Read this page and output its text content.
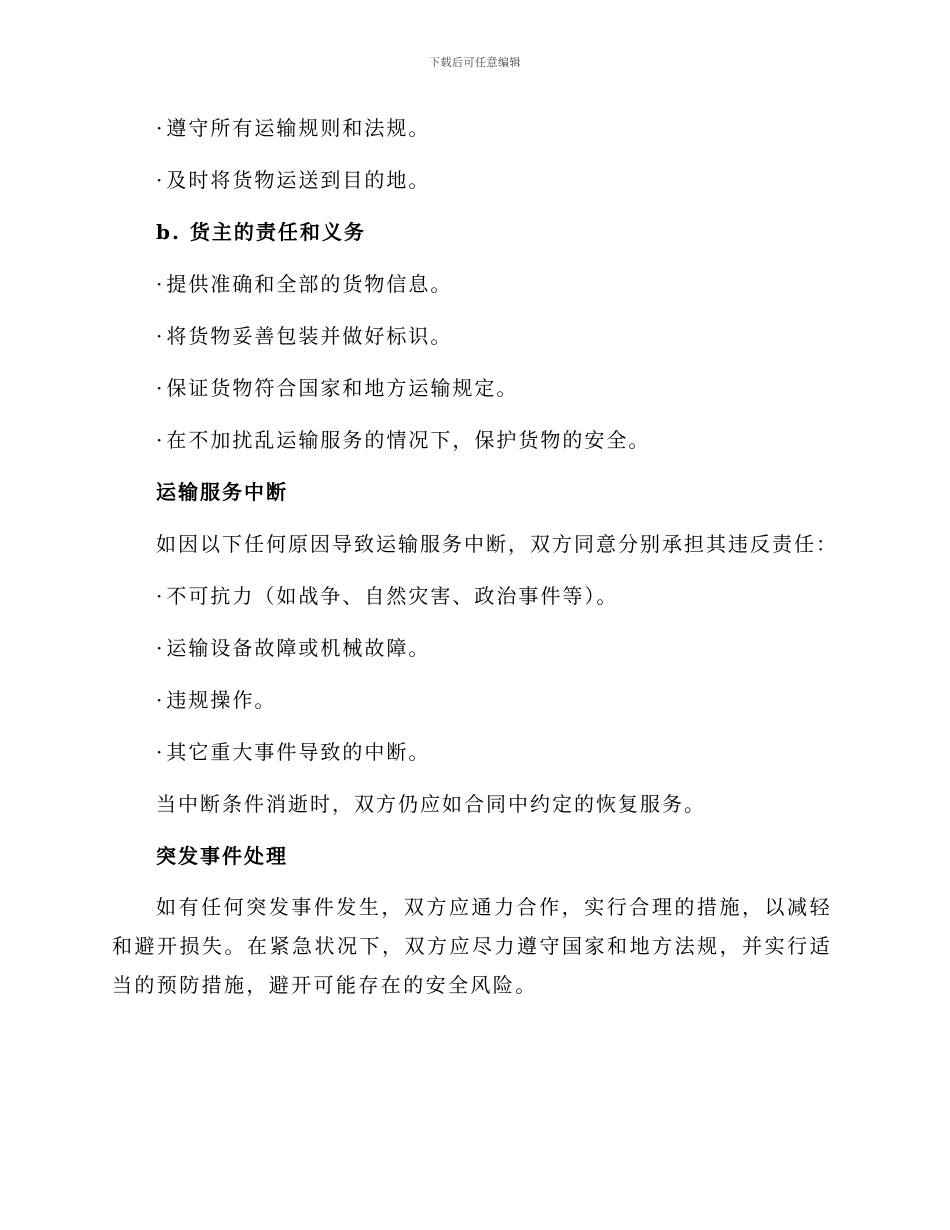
下载后可任意编辑

· 遵守所有运输规则和法规。

· 及时将货物运送到目的地。

b. 货主的责任和义务

· 提供准确和全部的货物信息。

· 将货物妥善包装并做好标识。

· 保证货物符合国家和地方运输规定。

· 在不加扰乱运输服务的情况下，保护货物的安全。

运输服务中断

如因以下任何原因导致运输服务中断，双方同意分别承担其违反责任：

· 不可抗力（如战争、自然灾害、政治事件等）。

· 运输设备故障或机械故障。

· 违规操作。

· 其它重大事件导致的中断。

当中断条件消逝时，双方仍应如合同中约定的恢复服务。

突发事件处理

如有任何突发事件发生，双方应通力合作，实行合理的措施，以减轻和避开损失。在紧急状况下，双方应尽力遵守国家和地方法规，并实行适当的预防措施，避开可能存在的安全风险。
